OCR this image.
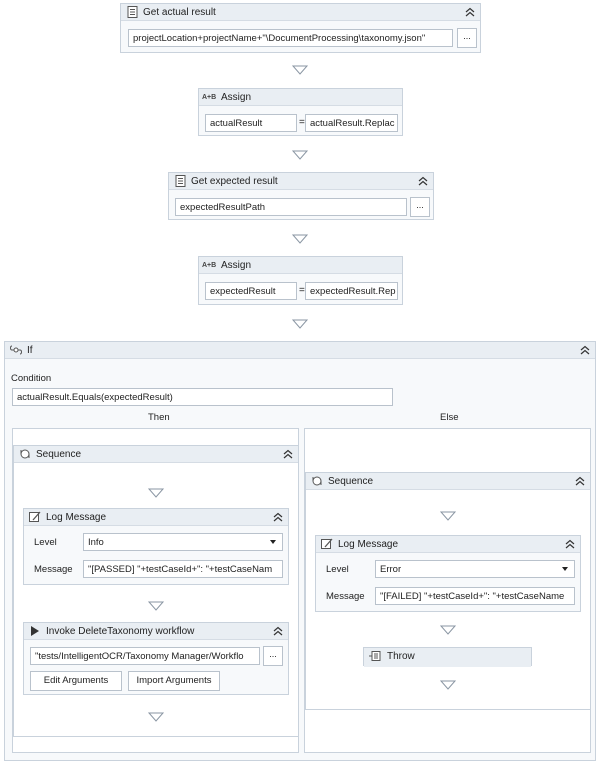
Get actual result
projectLocation+projectName+"\DocumentProcessing\taxonomy.json"	...
A+B Assign
actualResult	= actualResult.Replac
Get expected result
expectedResultPath	...
A+B Assign
expectedResult	= expectedResult.Rep
If
Condition
actualResult.Equals(expectedResult)
Then	Else
Sequence
Log Message
Level	Info
Message	"[PASSED] "+testCaseId+": "+testCaseNam
Invoke DeleteTaxonomy workflow
"tests/IntelligentOCR/Taxonomy Manager/Workflo	...
Edit Arguments	Import Arguments
Sequence
Log Message
Level	Error
Message	"[FAILED] "+testCaseId+": "+testCaseName
Throw
